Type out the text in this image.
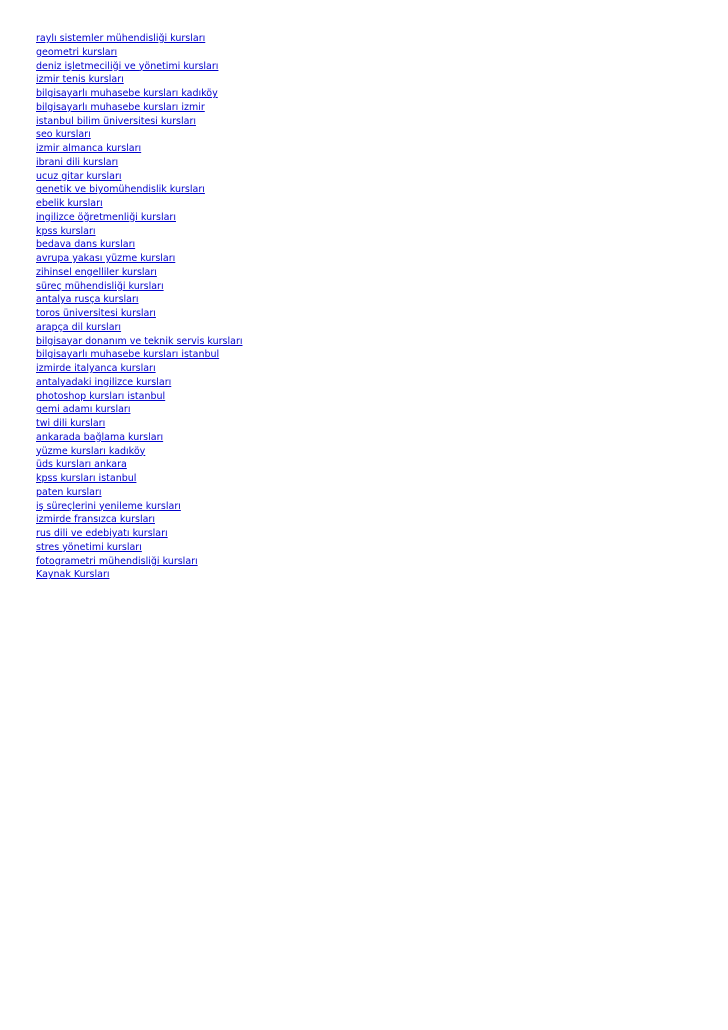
raylı sistemler mühendisliği kursları
geometri kursları
deniz işletmeciliği ve yönetimi kursları
izmir tenis kursları
bilgisayarlı muhasebe kursları kadıköy
bilgisayarlı muhasebe kursları izmir
istanbul bilim üniversitesi kursları
seo kursları
izmir almanca kursları
ibrani dili kursları
ucuz gitar kursları
genetik ve biyomühendislik kursları
ebelik kursları
ingilizce öğretmenliği kursları
kpss kursları
bedava dans kursları
avrupa yakası yüzme kursları
zihinsel engelliler kursları
süreç mühendisliği kursları
antalya rusça kursları
toros üniversitesi kursları
arapça dil kursları
bilgisayar donanım ve teknik servis kursları
bilgisayarlı muhasebe kursları istanbul
izmirde italyanca kursları
antalyadaki ingilizce kursları
photoshop kursları istanbul
gemi adamı kursları
twi dili kursları
ankarada bağlama kursları
yüzme kursları kadıköy
üds kursları ankara
kpss kursları istanbul
paten kursları
iş süreçlerini yenileme kursları
izmirde fransızca kursları
rus dili ve edebiyatı kursları
stres yönetimi kursları
fotogrametri mühendisliği kursları
Kaynak Kursları
